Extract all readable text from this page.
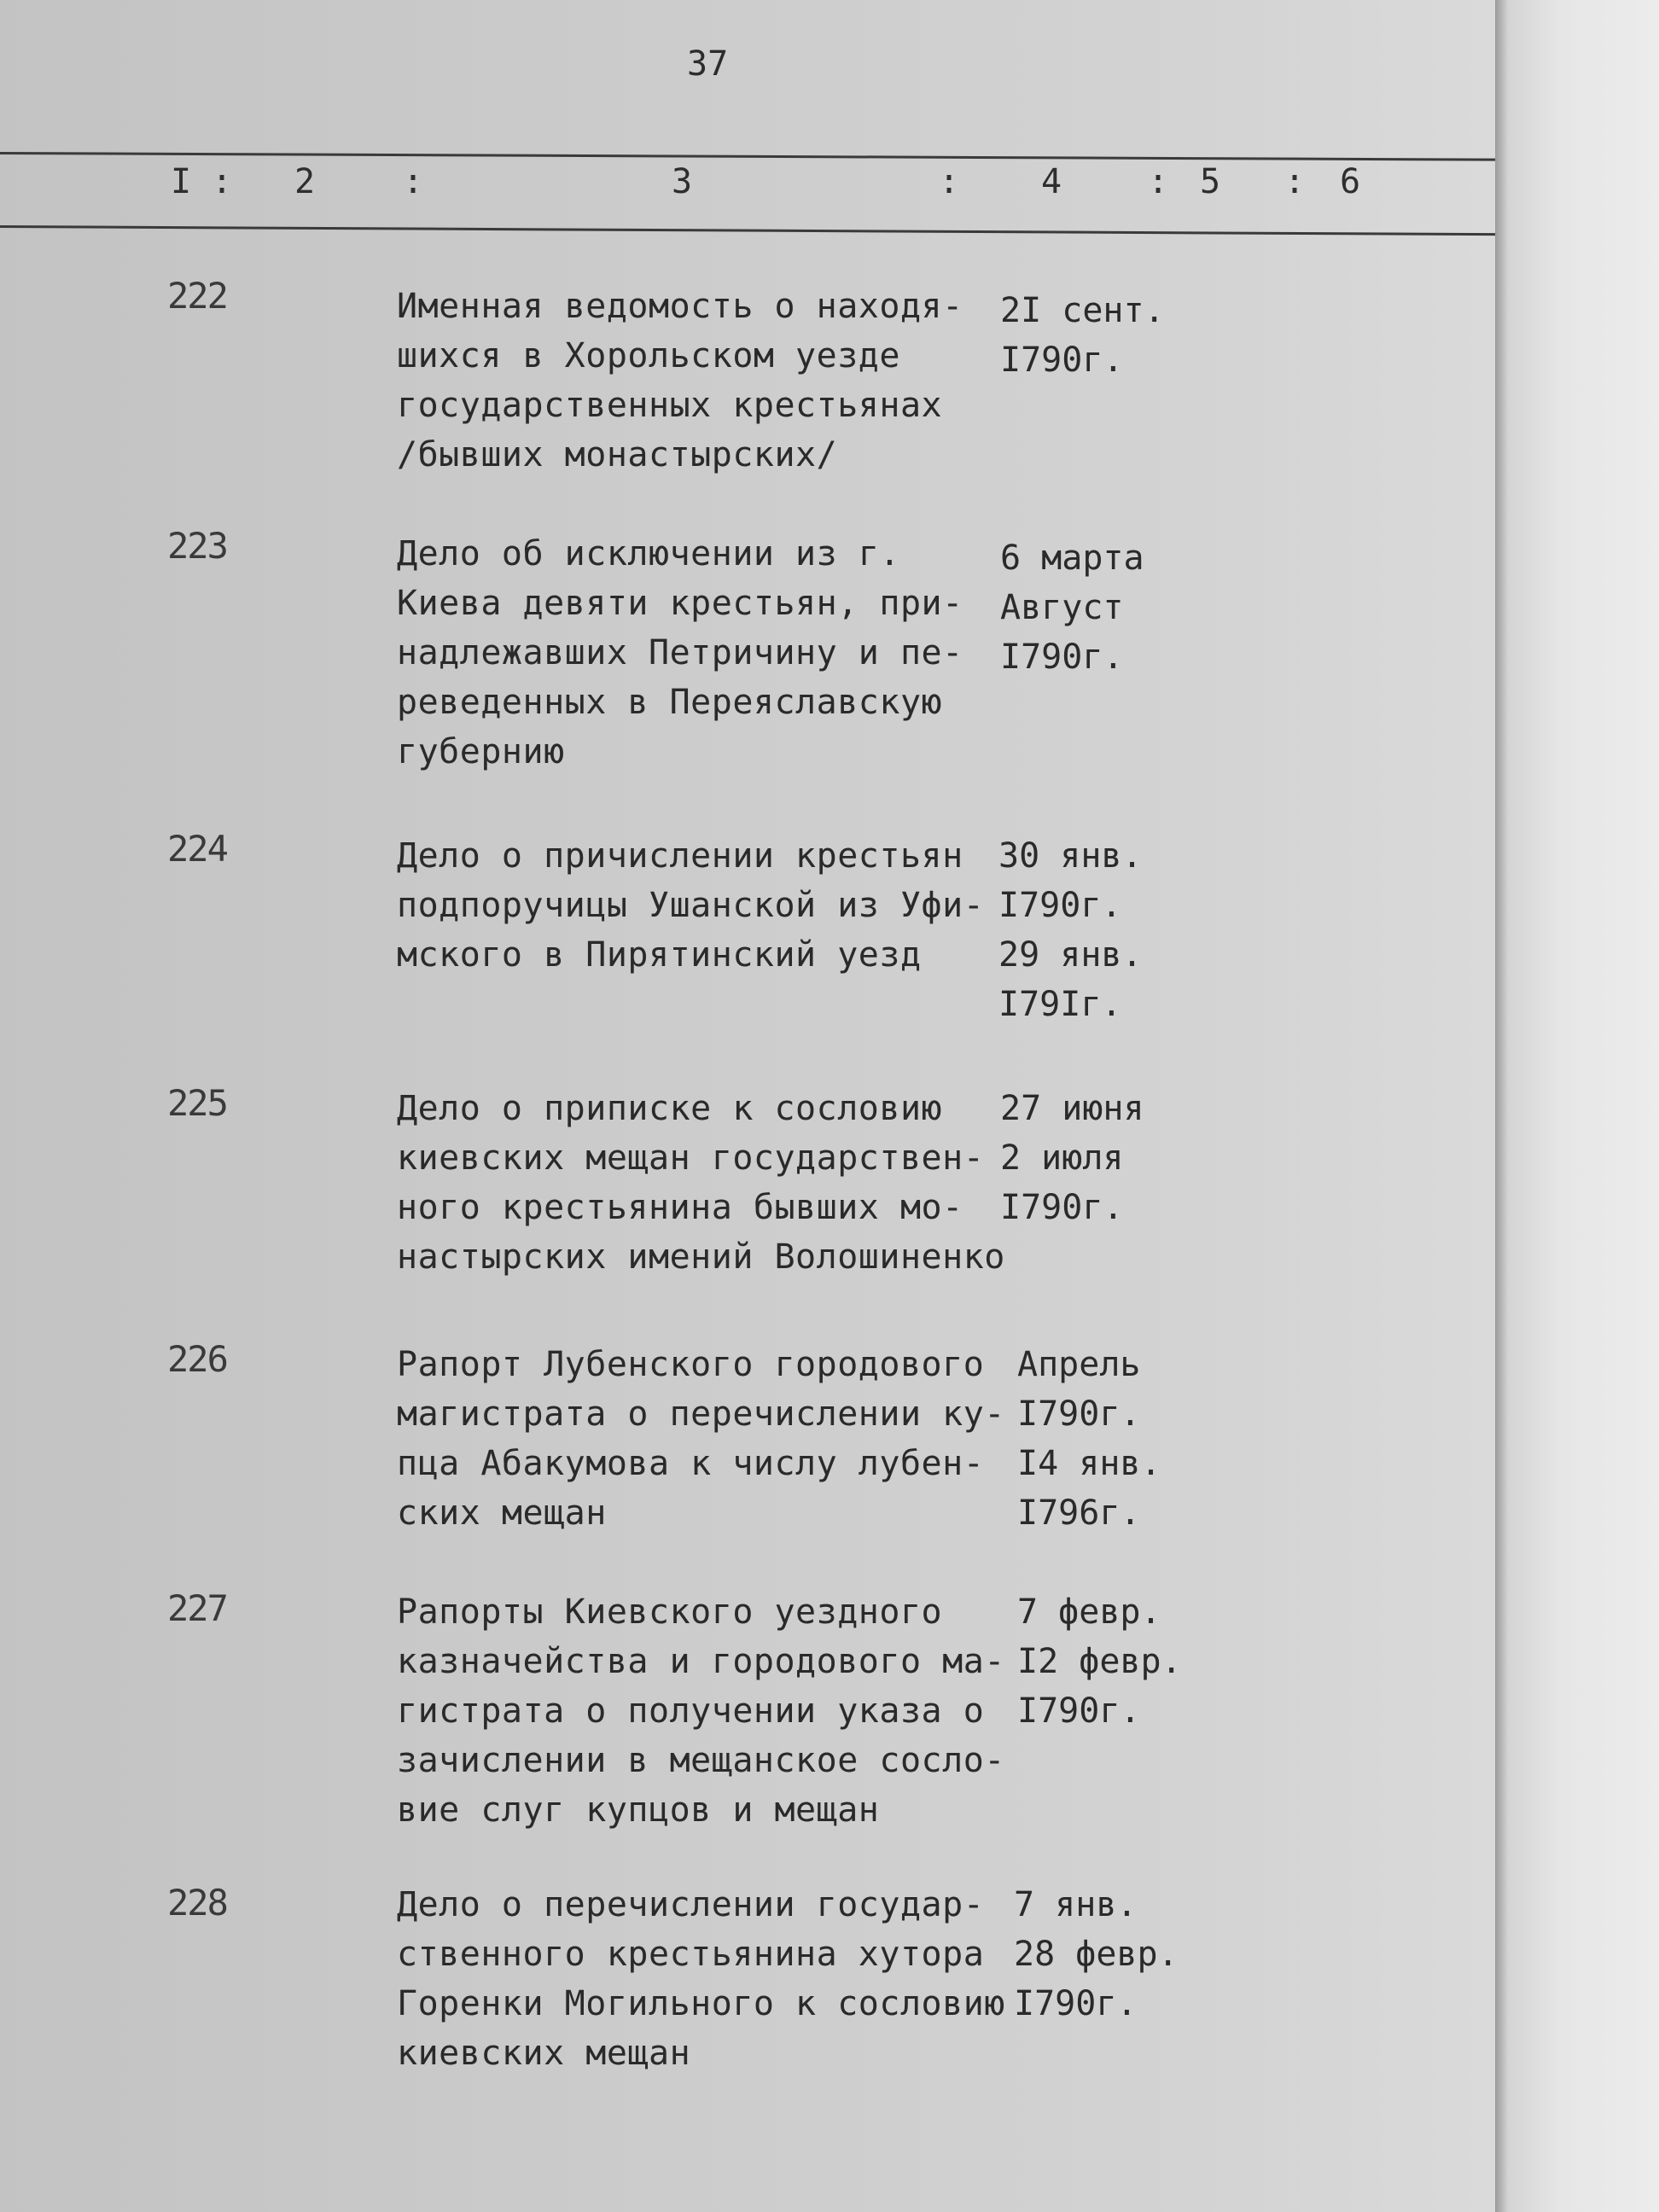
37
I : 2	:	3	: 4	: 5 : 6
222	Именная ведомость о находя-
шихся в Хорольском уезде
государственных крестьянах
/бывших монастырских/
2I сент.
I790г.
223	Дело об исключении из г.
Киева девяти крестьян, при-
надлежавших Петричину и пе-
реведенных в Переяславскую
губернию
6 марта
Август
I790г.
224	Дело о причислении крестьян
подпоручицы Ушанской из Уфи-
мского в Пирятинский уезд
30 янв.
I790г.
29 янв.
I79Iг.
225	Дело о приписке к сословию
киевских мещан государствен-
ного крестьянина бывших мо-
настырских имений Волошиненко
27 июня
2 июля
I790г.
226	Рапорт Лубенского городового
магистрата о перечислении ку-
пца Абакумова к числу лубен-
ских мещан
Апрель
I790г.
I4 янв.
I796г.
227	Рапорты Киевского уездного
казначейства и городового ма-
гистрата о получении указа о
зачислении в мещанское сосло-
вие слуг купцов и мещан
7 февр.
I2 февр.
I790г.
228	Дело о перечислении государ-
ственного крестьянина хутора
Горенки Могильного к сословию
киевских мещан
7 янв.
28 февр.
I790г.
